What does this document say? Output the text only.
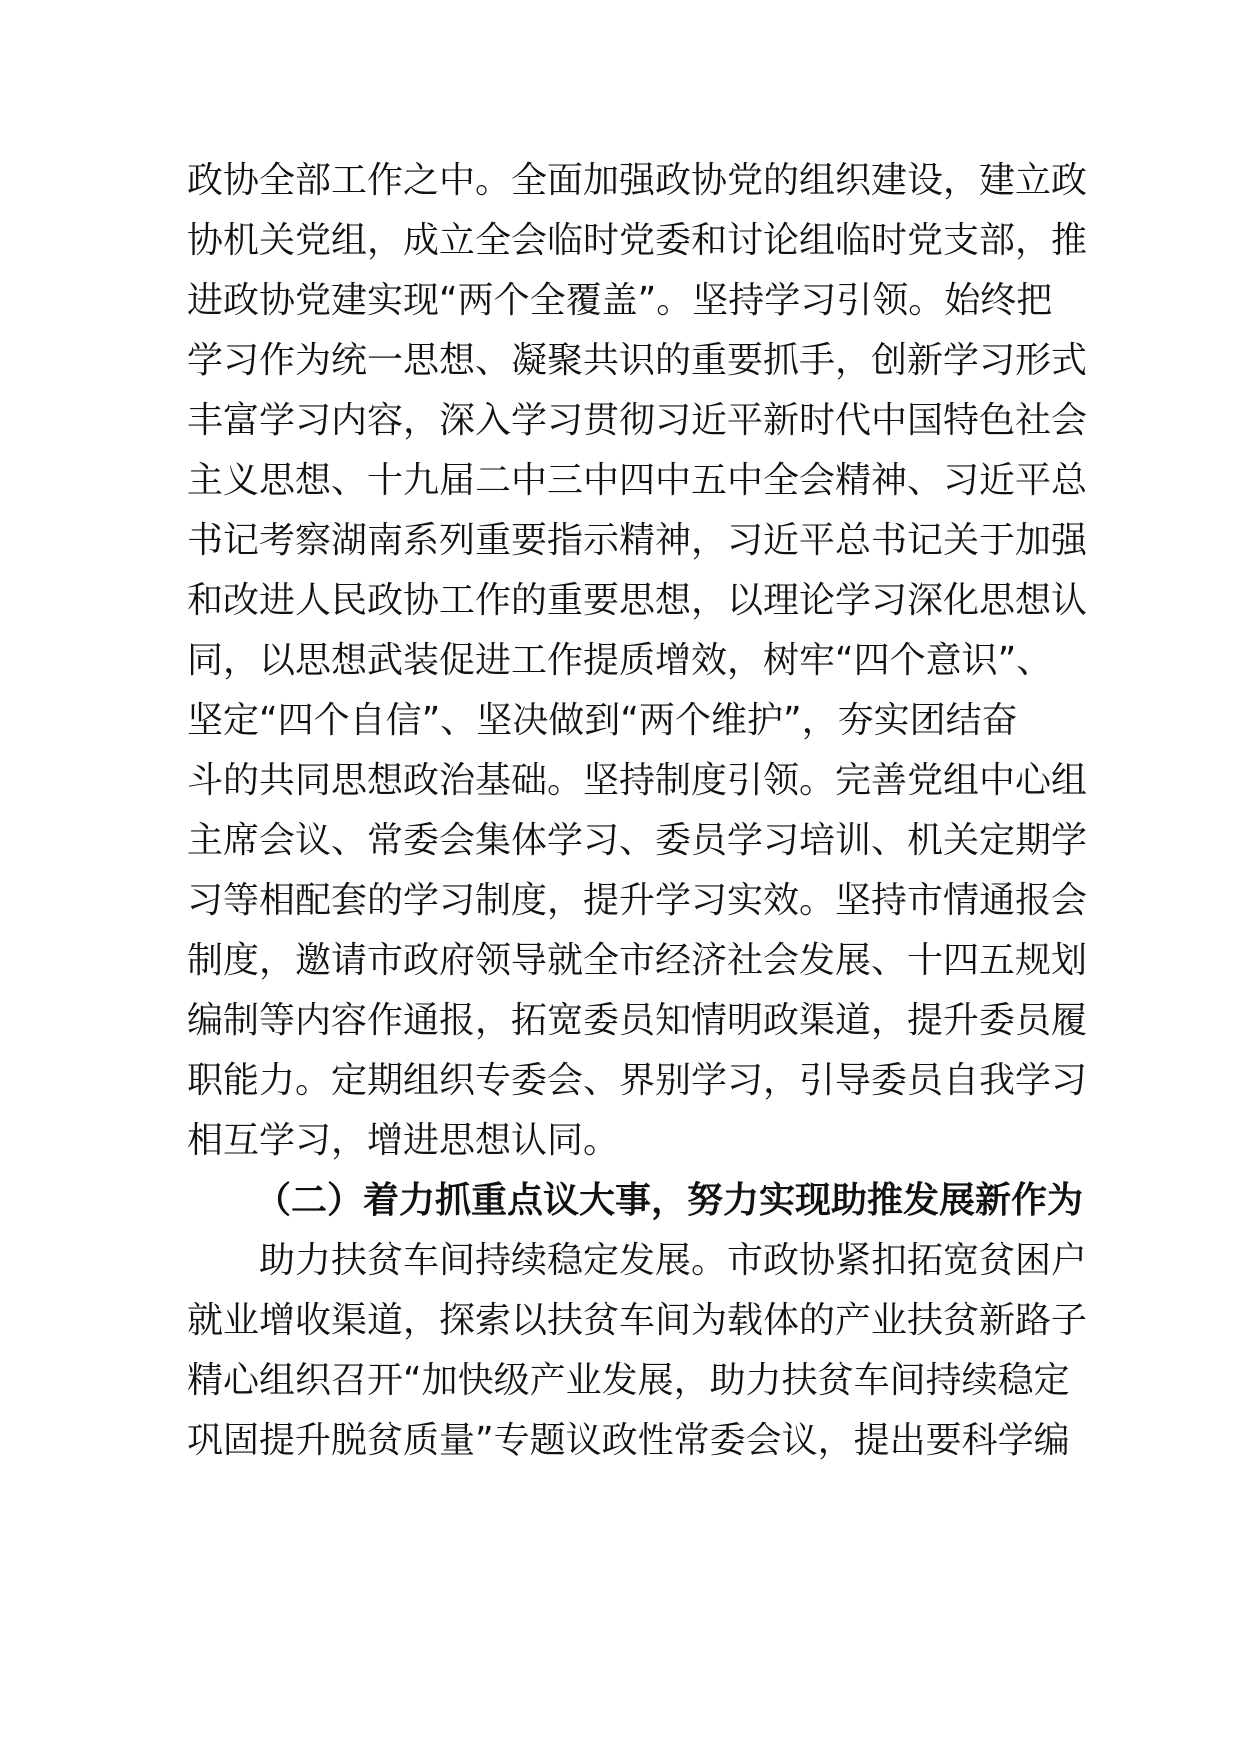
政协全部工作之中。全面加强政协党的组织建设，建立政
协机关党组，成立全会临时党委和讨论组临时党支部，推
进政协党建实现“两个全覆盖”。坚持学习引领。始终把
学习作为统一思想、凝聚共识的重要抓手，创新学习形式
丰富学习内容，深入学习贯彻习近平新时代中国特色社会
主义思想、十九届二中三中四中五中全会精神、习近平总
书记考察湖南系列重要指示精神，习近平总书记关于加强
和改进人民政协工作的重要思想，以理论学习深化思想认
同，以思想武装促进工作提质增效，树牢“四个意识”、
坚定“四个自信”、坚决做到“两个维护”，夯实团结奋
斗的共同思想政治基础。坚持制度引领。完善党组中心组
主席会议、常委会集体学习、委员学习培训、机关定期学
习等相配套的学习制度，提升学习实效。坚持市情通报会
制度，邀请市政府领导就全市经济社会发展、十四五规划
编制等内容作通报，拓宽委员知情明政渠道，提升委员履
职能力。定期组织专委会、界别学习，引导委员自我学习
相互学习，增进思想认同。
（二）着力抓重点议大事，努力实现助推发展新作为
助力扶贫车间持续稳定发展。市政协紧扣拓宽贫困户
就业增收渠道，探索以扶贫车间为载体的产业扶贫新路子
精心组织召开“加快级产业发展，助力扶贫车间持续稳定
巩固提升脱贫质量”专题议政性常委会议，提出要科学编
